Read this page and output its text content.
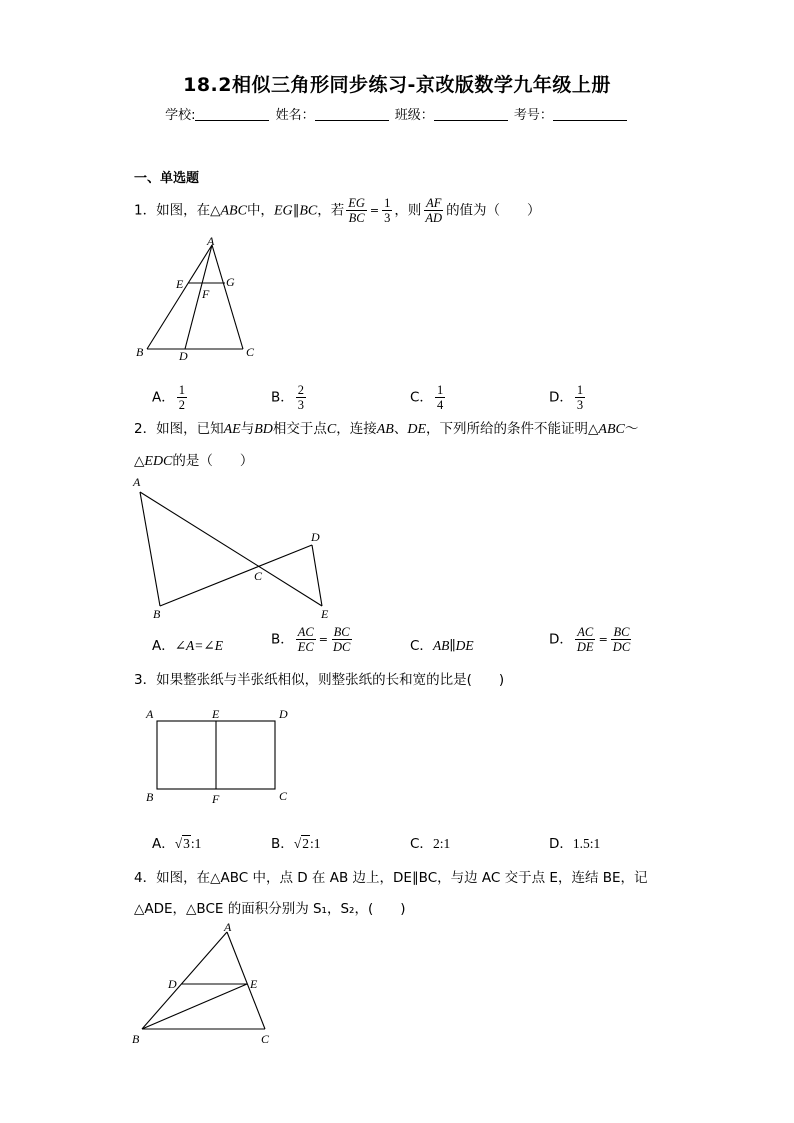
18.2相似三角形同步练习-京改版数学九年级上册
学校:	姓名：	班级：	考号：
一、单选题
1．如图，在△ABC中，EG∥BC，若 $\frac{EG}{BC} = \frac{1}{3}$ ，则 $\frac{AF}{AD}$ 的值为（　　）
A
E	G
F
B	D	C
A． $\frac{1}{2}$	B． $\frac{2}{3}$	C． $\frac{1}{4}$	D． $\frac{1}{3}$
2．如图，已知AE与BD相交于点C，连接AB、DE，下列所给的条件不能证明△ABC～
△EDC的是（　　）
A
D
C
B	E
A．∠A=∠E	B． $\frac{AC}{EC} = \frac{BC}{DC}$	C．AB∥DE	D． $\frac{AC}{DE} = \frac{BC}{DC}$
3．如果整张纸与半张纸相似，则整张纸的长和宽的比是(　　)
A	E	D
B	F	C
A．√3:1	B．√2:1	C．2:1	D．1.5:1
4．如图，在△ABC 中，点 D 在 AB 边上，DE∥BC，与边 AC 交于点 E，连结 BE，记
△ADE，△BCE 的面积分别为 S₁，S₂，(　　)
A
D	E
B	C
